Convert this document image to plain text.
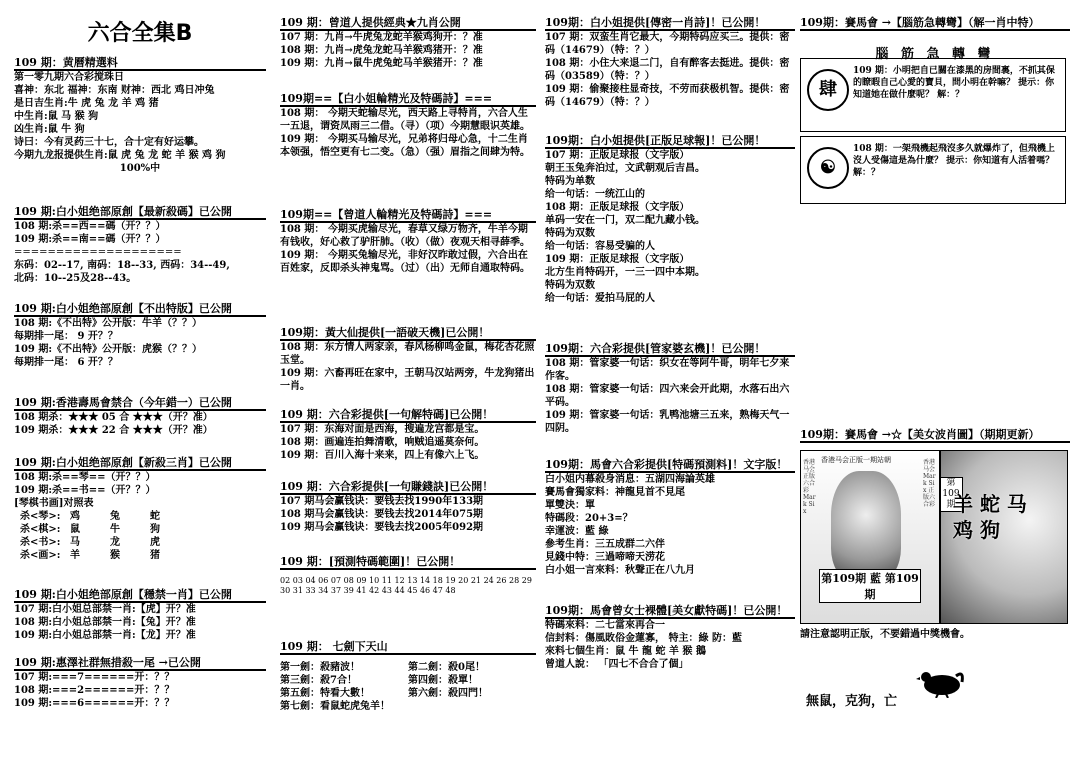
六合全集B
109 期：黄曆精選料
第一零九期六合彩搅珠日
喜神：东北 福神：东南 财神：西北 鸡日冲兔
是日吉生肖:牛 虎 兔 龙 羊 鸡 猪
中生肖:鼠 马 猴 狗
凶生肖:鼠 牛 狗
诗曰：今有灵药三十七，合十定有好运攀。
今期九龙报提供生肖:鼠 虎 兔 龙 蛇 羊 猴 鸡 狗
100%中
109 期:白小姐绝部原創【最新殺碼】已公開
108 期:杀==西==碼（开？？）
109 期:杀==南==碼（开？？）
====================
东码：02--17, 南码：18--33, 西码：34--49,
北码：10--25及28--43。
109 期:白小姐绝部原創【不出特版】已公開
108 期:《不出特》公开版：牛羊（？？）
每期排一尾： 9 开？？
109 期:《不出特》公开版：虎猴（？？）
每期排一尾： 6 开？？
109 期:香港壽馬會禁合（今年錯一）已公開
108 期杀：★★★ 05 合 ★★★（开？准）
109 期杀：★★★ 22 合 ★★★（开？准）
109 期:白小姐绝部原創【新殺三肖】已公開
108 期:杀==琴==（开？？）
109 期:杀==书==（开？？）
[琴棋书画]对照表
杀<琴>: 鸡	兔	蛇
杀<棋>: 鼠	牛	狗
杀<书>: 马	龙	虎
杀<画>: 羊	猴	猪
109 期:白小姐绝部原創【穩禁一肖】已公開
107 期:白小姐总部禁一肖:【虎】开？准
108 期:白小姐总部禁一肖:【兔】开？准
109 期:白小姐总部禁一肖:【龙】开？准
109 期:惠澤社群無措殺一尾 →已公開
107 期:===7======开：？？
108 期:===2======开：？？
109 期:===6======开：？？
109 期：曾道人提供經典★九肖公開
107 期：九肖→牛虎兔龙蛇羊猴鸡狗开：？准
108 期：九肖→虎兔龙蛇马羊猴鸡猪开：？准
109 期：九肖→鼠牛虎兔蛇马羊猴猪开：？准
109期==【白小姐輪精光及特碼詩】===
108 期： 今期天蛇输尽光，西天路上寻特肖，六合人生一五退，谓资凤雨三二借。（寻）（项）今期慧眼识英雄。
109 期： 今期买马输尽光，兄弟将归母心急，十二生肖本领强，悟空更有七二变。（急）（强）眉指之间肆为特。
109期==【曾道人輪精光及特碼詩】===
108 期： 今期买虎输尽光，春草又绿万物齐，牛羊今期有钱收，好心救了驴肝肺。（收）（做）夜观天相寻薛季。
109 期： 今期买兔输尽光，非好汉昨敢过假，六合出在百姓家，反即杀头神鬼骂。（过）（出）无师自通取特码。
109期：黃大仙提供[一語破天機]已公開！
108 期：东方情人两家亲，春风杨柳鸣金鼠，梅花杏花照玉堂。
109 期：六畜再旺在家中，王朝马汉站两旁，牛龙狗猪出一肖。
109 期：六合彩提供[一句解特碼]已公開！
107 期：东海对面是西海，搜遍龙宫都是宝。
108 期：画遍连拍舞清歌，响贼追遥莫奈何。
109 期：百川入海十来来，四上有像六上飞。
109 期：六合彩提供[一句賺錢訣]已公開！
107 期马会赢钱诀：要钱去找1990年133期
108 期马会赢钱诀：要钱去找2014年075期
109 期马会赢钱诀：要钱去找2005年092期
109 期：[預測特碼範圍]！已公開！
02 03 04 06 07 08 09 10 11 12 13 14 18 19 20 21 24 26 28 29 30 31 33 34 37 39 41 42 43 44 45 46 47 48
109 期： 七劍下天山
第一劍：殺豬波！	第二劍：殺0尾！
第三劍：殺7合！	第四劍：殺單！
第五劍：特看大數！	第六劍：殺四門！
第七劍：看鼠蛇虎兔羊！
109期：白小姐提供[傳密一肖詩]！已公開！
107 期：双蛮生肖它最大，今期特码应买三。提供：密码（14679）（特：？）
108 期：小住大来退二门，自有醉客去挺进。提供：密码（03589）（特：？）
109 期：偷聚接柱显奇技，不劳而获极机智。提供：密码（14679）（特：？）
109期：白小姐提供[正版足球報]！已公開！
107 期：正版足球报（文字版）
朝王玉兔奔泊过，文武朝观后吉昌。
特码为单数
给一句话：一统江山的
108 期：正版足球报（文字版）
单码一安在一门，双二配九藏小钱。
特码为双数
给一句话：容易受骗的人
109 期：正版足球报（文字版）
北方生肖特码开，一三一四中本期。
特码为双数
给一句话：爱拍马屁的人
109期：六合彩提供[管家婆玄機]！已公開！
108 期：管家婆一句话：织女在等阿牛哥，明年七夕来作客。
108 期：管家婆一句话：四六来会开此期，水落石出六平码。
109 期：管家婆一句话：乳鸭池塘三五来，熟梅天气一四阴。
109期：馬會六合彩提供[特碼預測料]！文字版！
白小姐内幕殺身消息：五湖四海論英雄
賽馬會獨家料：神龍見首不見尾
單雙決：單
特碼段：20+3=？
幸運波：藍 綠
參考生肖：三五成群二六伴
見錢中特：三過啼啼天涝花
白小姐一言來料：秋聲正在八九月
109期：馬會曾女士裸體[美女獻特碼]！已公開！
特碼來料：二七當來再合一
信封料：傷風敗俗金蓮寡， 特主：綠 防：藍
來料七個生肖：鼠 牛 龍 蛇 羊 猴 鵝
曾道人說： 「四七不合合了個」
109期：賽馬會 →【腦筋急轉彎】（解一肖中特）
腦 筋 急 轉 彎
肆
109 期：小明把自已關在漆黑的房間裏，不抓其保的瞭暇自己心愛的寶貝，問小明在幹嘛？ 提示：你知道她在做什麼呢？ 解：？
☯
108 期：一架飛機起飛沒多久就爆炸了，但飛機上沒人受傷這是為什麼？ 提示：你知道有人活着嗎？ 解：？
109期：賽馬會 →☆【美女波肖圖】（期期更新）
香港马会正版一期站朝
香港马会 正版六合彩 Mark Six
香港马会 Mark Six 正版六合彩
第109期 藍 第109期
第109期
羊 蛇 马 鸡 狗
請注意認明正版，不要錯過中獎機會。
無鼠，克狗，亡
